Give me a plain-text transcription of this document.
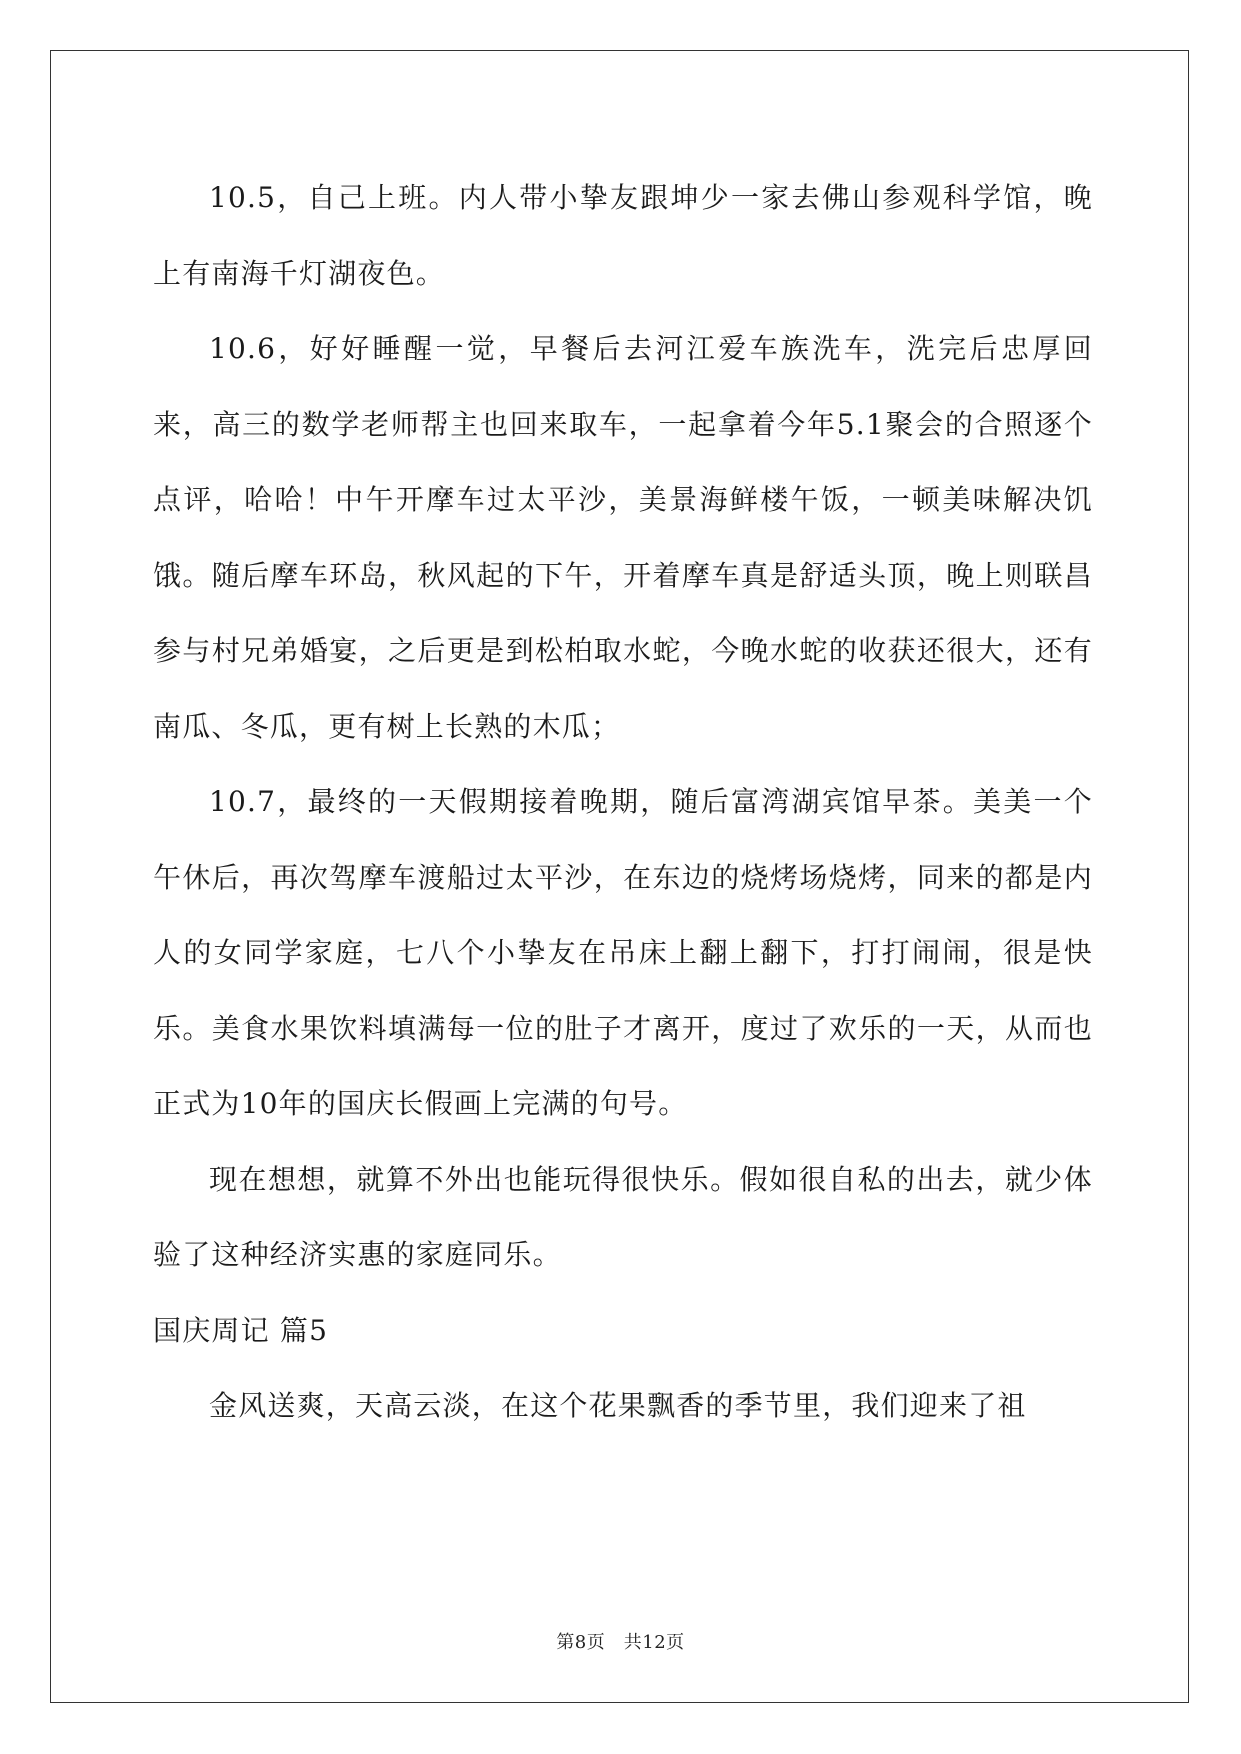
10.5，自己上班。内人带小挚友跟坤少一家去佛山参观科学馆，晚上有南海千灯湖夜色。

10.6，好好睡醒一觉，早餐后去河江爱车族洗车，洗完后忠厚回来，高三的数学老师帮主也回来取车，一起拿着今年5.1聚会的合照逐个点评，哈哈！中午开摩车过太平沙，美景海鲜楼午饭，一顿美味解决饥饿。随后摩车环岛，秋风起的下午，开着摩车真是舒适头顶，晚上则联昌参与村兄弟婚宴，之后更是到松柏取水蛇，今晚水蛇的收获还很大，还有南瓜、冬瓜，更有树上长熟的木瓜；

10.7，最终的一天假期接着晚期，随后富湾湖宾馆早茶。美美一个午休后，再次驾摩车渡船过太平沙，在东边的烧烤场烧烤，同来的都是内人的女同学家庭，七八个小挚友在吊床上翻上翻下，打打闹闹，很是快乐。美食水果饮料填满每一位的肚子才离开，度过了欢乐的一天，从而也正式为10年的国庆长假画上完满的句号。

现在想想，就算不外出也能玩得很快乐。假如很自私的出去，就少体验了这种经济实惠的家庭同乐。

国庆周记 篇5

金风送爽，天高云淡，在这个花果飘香的季节里，我们迎来了祖

第8页　共12页
